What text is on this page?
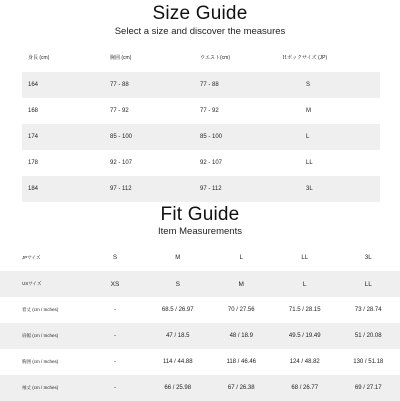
Size Guide
Select a size and discover the measures
身長 (cm)	胸囲 (cm)	ウエスト(cm)	Ｈボックサイズ (JP)
164	77 - 88	77 - 88	S
168	77 - 92	77 - 92	M
174	85 - 100	85 - 100	L
178	92 - 107	92 - 107	LL
184	97 - 112	97 - 112	3L
Fit Guide
Item Measurements
JPサイズ	S	M	L	LL	3L
USサイズ	XS	S	M	L	LL
着丈 (cm / Inches)	-	68.5 / 26.97	70 / 27.56	71.5 / 28.15	73 / 28.74
肩幅 (cm / Inches)	-	47 / 18.5	48 / 18.9	49.5 / 19.49	51 / 20.08
胸囲 (cm / Inches)	-	114 / 44.88	118 / 46.46	124 / 48.82	130 / 51.18
袖丈 (cm / Inches)	-	66 / 25.98	67 / 26.38	68 / 26.77	69 / 27.17
